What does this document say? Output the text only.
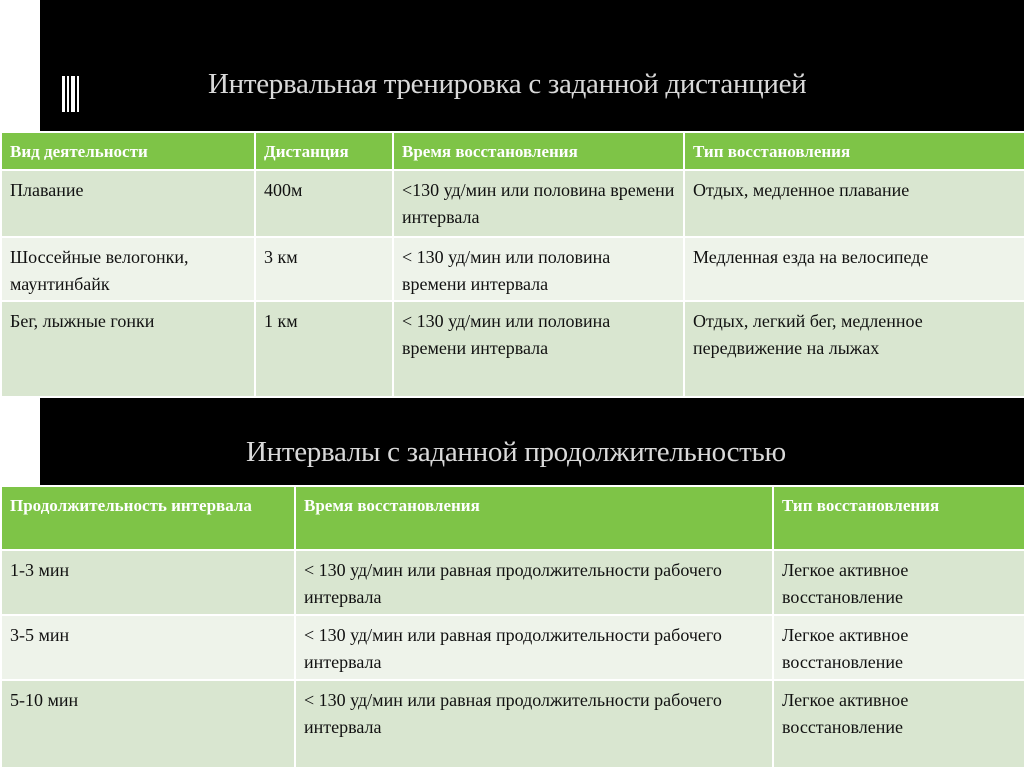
Интервальная тренировка с заданной дистанцией
Вид деятельности	Дистанция	Время восстановления	Тип восстановления
Плавание	400м	<130 уд/мин или половина времени интервала	Отдых, медленное плавание
Шоссейные велогонки, маунтинбайк	3 км	< 130 уд/мин или половина времени интервала	Медленная езда на велосипеде
Бег, лыжные гонки	1 км	< 130 уд/мин или половина времени интервала	Отдых, легкий бег, медленное передвижение на лыжах
Интервалы с заданной продолжительностью
Продолжительность интервала	Время восстановления	Тип восстановления
1-3 мин	< 130 уд/мин или равная продолжительности рабочего интервала	Легкое активное восстановление
3-5 мин	< 130 уд/мин или равная продолжительности рабочего интервала	Легкое активное восстановление
5-10 мин	< 130 уд/мин или равная продолжительности рабочего интервала	Легкое активное восстановление
